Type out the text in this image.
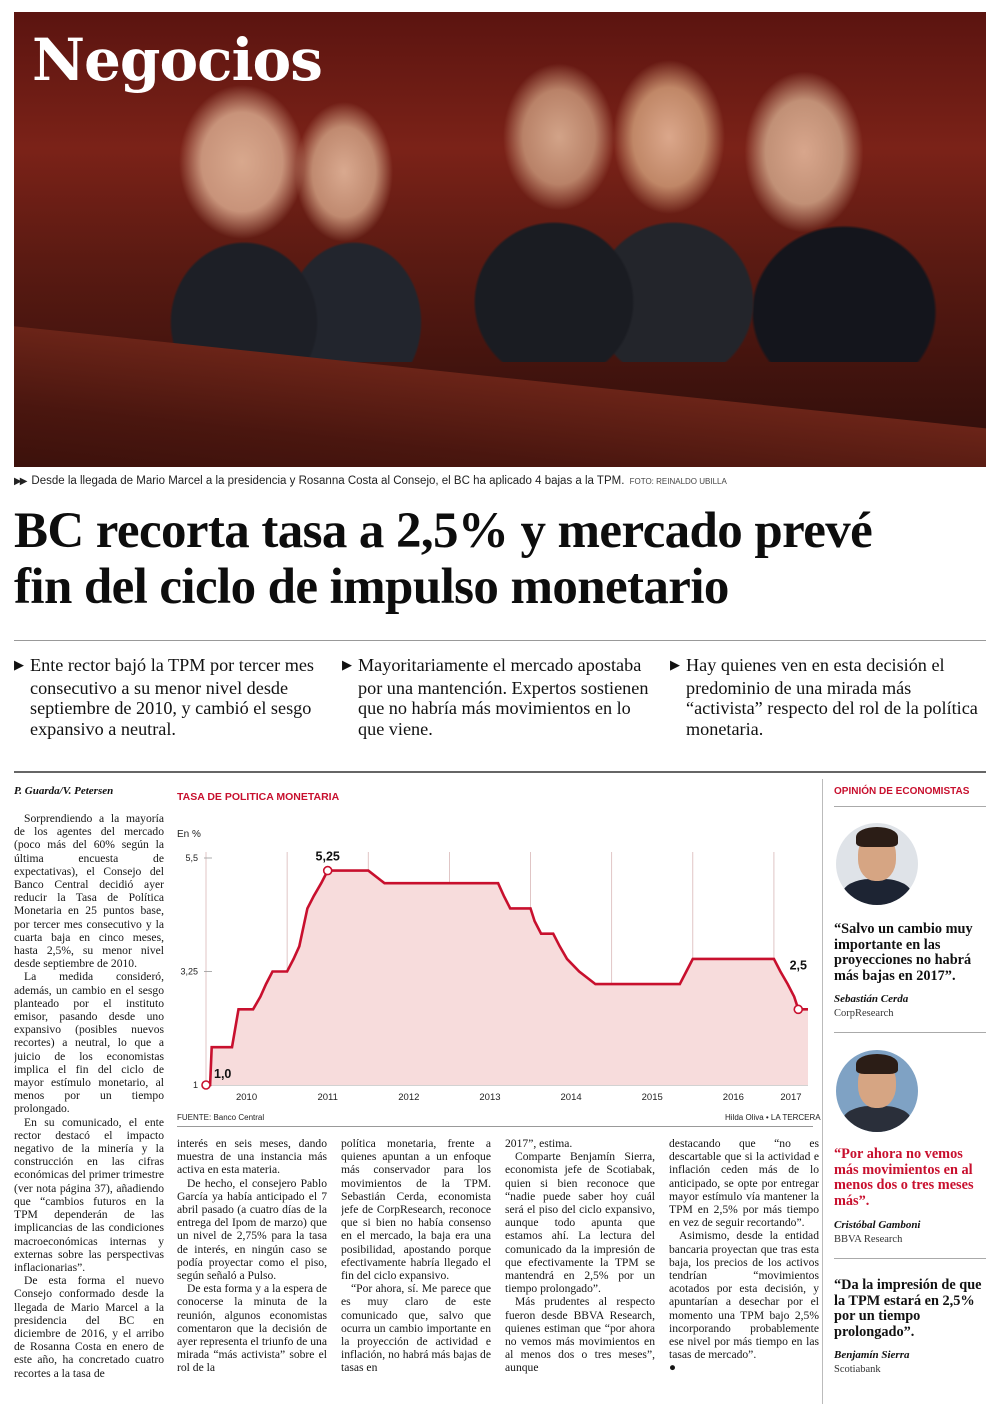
Negocios
▶▶ Desde la llegada de Mario Marcel a la presidencia y Rosanna Costa al Consejo, el BC ha aplicado 4 bajas a la TPM. FOTO: REINALDO UBILLA
BC recorta tasa a 2,5% y mercado prevé
fin del ciclo de impulso monetario
▶ Ente rector bajó la TPM por tercer mes consecutivo a su menor nivel desde septiembre de 2010, y cambió el sesgo expansivo a neutral.
▶ Mayoritariamente el mercado apostaba por una mantención. Expertos sostienen que no habría más movimientos en lo que viene.
▶ Hay quienes ven en esta decisión el predominio de una mirada más “activista” respecto del rol de la política monetaria.
P. Guarda/V. Petersen

Sorprendiendo a la mayoría de los agentes del mercado (poco más del 60% según la última encuesta de expectativas), el Consejo del Banco Central decidió ayer reducir la Tasa de Política Monetaria en 25 puntos base, por tercer mes consecutivo y la cuarta baja en cinco meses, hasta 2,5%, su menor nivel desde septiembre de 2010.

La medida consideró, además, un cambio en el sesgo planteado por el instituto emisor, pasando desde uno expansivo (posibles nuevos recortes) a neutral, lo que a juicio de los economistas implica el fin del ciclo de mayor estímulo monetario, al menos por un tiempo prolongado.

En su comunicado, el ente rector destacó el impacto negativo de la minería y la construcción en las cifras económicas del primer trimestre (ver nota página 37), añadiendo que “cambios futuros en la TPM dependerán de las implicancias de las condiciones macroeconómicas internas y externas sobre las perspectivas inflacionarias”.

De esta forma el nuevo Consejo conformado desde la llegada de Mario Marcel a la presidencia del BC en diciembre de 2016, y el arribo de Rosanna Costa en enero de este año, ha concretado cuatro recortes a la tasa de

interés en seis meses, dando muestra de una instancia más activa en esta materia.

De hecho, el consejero Pablo García ya había anticipado el 7 abril pasado (a cuatro días de la entrega del Ipom de marzo) que un nivel de 2,75% para la tasa de interés, en ningún caso se podía proyectar como el piso, según señaló a Pulso.

De esta forma y a la espera de conocerse la minuta de la reunión, algunos economistas comentaron que la decisión de ayer representa el triunfo de una mirada “más activista” sobre el rol de la

política monetaria, frente a quienes apuntan a un enfoque más conservador para los movimientos de la TPM. Sebastián Cerda, economista jefe de CorpResearch, reconoce que si bien no había consenso en el mercado, la baja era una posibilidad, apostando porque efectivamente habría llegado el fin del ciclo expansivo.

“Por ahora, sí. Me parece que es muy claro de este comunicado que, salvo que ocurra un cambio importante en la proyección de actividad e inflación, no habrá más bajas de tasas en

2017”, estima.

Comparte Benjamín Sierra, economista jefe de Scotiabak, quien si bien reconoce que “nadie puede saber hoy cuál será el piso del ciclo expansivo, aunque todo apunta que estamos ahí. La lectura del comunicado da la impresión de que efectivamente la TPM se mantendrá en 2,5% por un tiempo prolongado”.

Más prudentes al respecto fueron desde BBVA Research, quienes estiman que “por ahora no vemos más movimientos en al menos dos o tres meses”, aunque

destacando que “no es descartable que si la actividad e inflación ceden más de lo anticipado, se opte por entregar mayor estímulo vía mantener la TPM en 2,5% por más tiempo en vez de seguir recortando”.

Asimismo, desde la entidad bancaria proyectan que tras esta baja, los precios de los activos tendrían “movimientos acotados por esta decisión, y apuntarían a desechar por el momento una TPM bajo 2,5% incorporando probablemente ese nivel por más tiempo en las tasas de mercado”.

●
TASA DE POLITICA MONETARIA
En %
5,5
3,25
1
2010	2011	2012	2013	2014	2015	2016	2017
1,0
5,25
2,5
FUENTE: Banco Central	Hilda Oliva • LA TERCERA
OPINIÓN DE ECONOMISTAS
“Salvo un cambio muy importante en las proyecciones no habrá más bajas en 2017”.
Sebastián Cerda
CorpResearch
“Por ahora no vemos más movimientos en al menos dos o tres meses más”.
Cristóbal Gamboni
BBVA Research
“Da la impresión de que la TPM estará en 2,5% por un tiempo prolongado”.
Benjamín Sierra
Scotiabank
